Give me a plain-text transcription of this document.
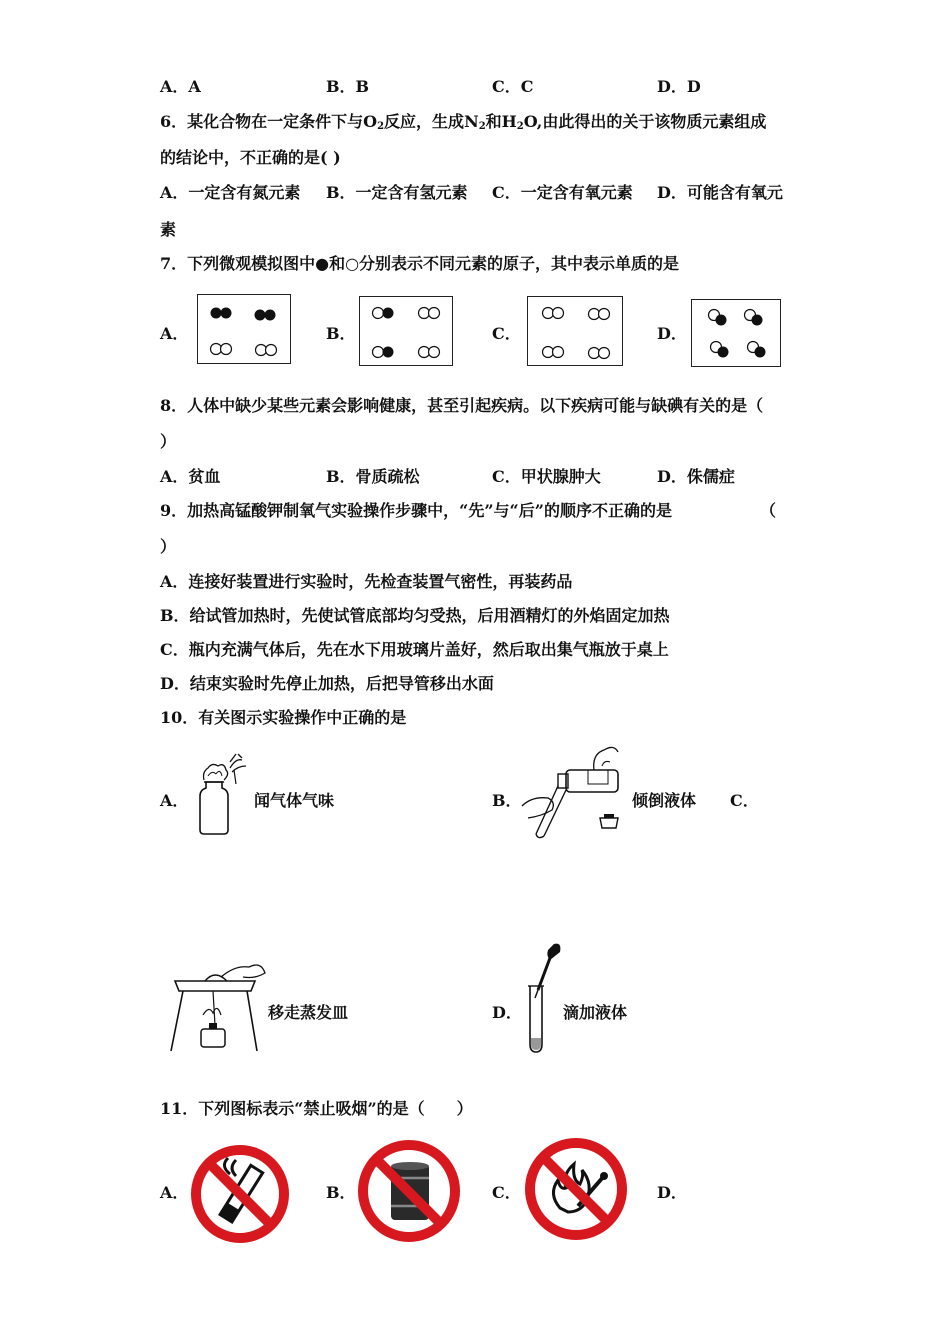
A．A	B．B	C．C	D．D
6．某化合物在一定条件下与$O_2$反应，生成$N_2$和$H_2O$,由此得出的关于该物质元素组成
的结论中，不正确的是( )
A．一定含有氮元素 B．一定含有氢元素 C．一定含有氧元素 D．可能含有氧元
素
7．下列微观模拟图中●和○分别表示不同元素的原子，其中表示单质的是
A．	B．	C．	D．
8．人体中缺少某些元素会影响健康，甚至引起疾病。以下疾病可能与缺碘有关的是（
）
A．贫血	B．骨质疏松	C．甲状腺肿大	D．侏儒症
9．加热高锰酸钾制氧气实验操作步骤中，“先”与“后”的顺序不正确的是	（
）
A．连接好装置进行实验时，先检查装置气密性，再装药品
B．给试管加热时，先使试管底部均匀受热，后用酒精灯的外焰固定加热
C．瓶内充满气体后，先在水下用玻璃片盖好，然后取出集气瓶放于桌上
D．结束实验时先停止加热，后把导管移出水面
10．有关图示实验操作中正确的是
A．	闻气体气味	B．	倾倒液体 C．
移走蒸发皿	D．	滴加液体
11．下列图标表示“禁止吸烟”的是（　　）
A．	B．	C．	D．
